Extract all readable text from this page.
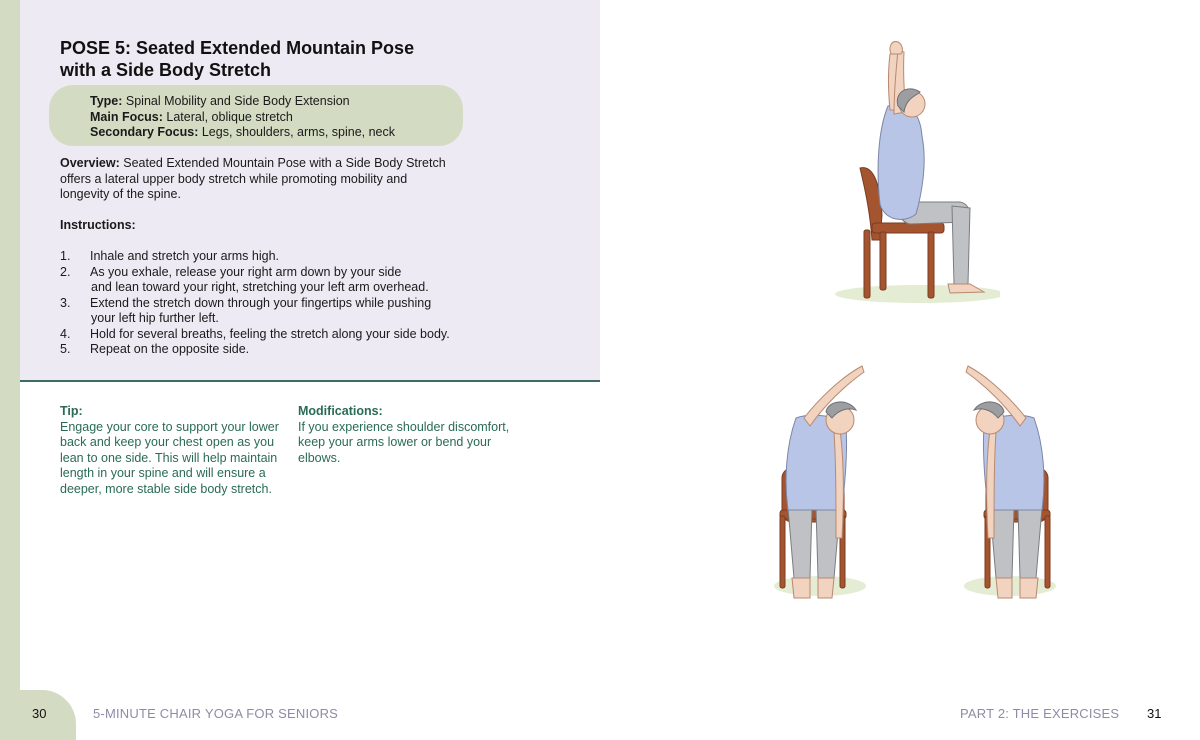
POSE 5: Seated Extended Mountain Pose
with a Side Body Stretch
Type: Spinal Mobility and Side Body Extension
Main Focus: Lateral, oblique stretch
Secondary Focus: Legs, shoulders, arms, spine, neck
Overview: Seated Extended Mountain Pose with a Side Body Stretch
offers a lateral upper body stretch while promoting mobility and
longevity of the spine.
Instructions:
1.	Inhale and stretch your arms high.
2.	As you exhale, release your right arm down by your side
and lean toward your right, stretching your left arm overhead.
3.	Extend the stretch down through your fingertips while pushing
your left hip further left.
4.	Hold for several breaths, feeling the stretch along your side body.
5.	Repeat on the opposite side.
Tip:
Engage your core to support your lower
back and keep your chest open as you
lean to one side. This will help maintain
length in your spine and will ensure a
deeper, more stable side body stretch.
Modifications:
If you experience shoulder discomfort,
keep your arms lower or bend your
elbows.
30	5-MINUTE CHAIR YOGA FOR SENIORS	PART 2: THE EXERCISES 31
